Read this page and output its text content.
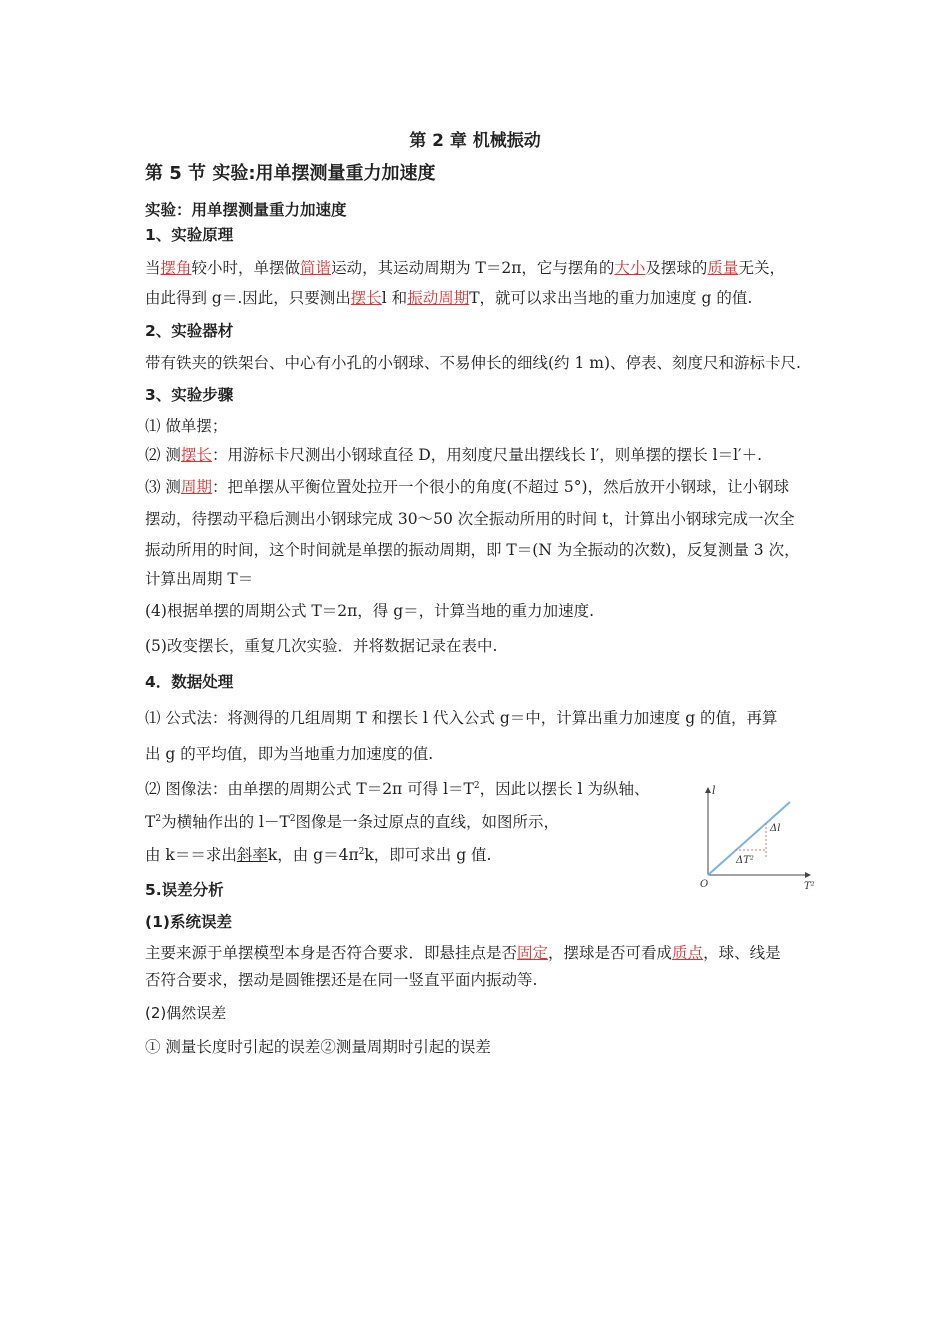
第 2 章 机械振动
第 5 节 实验:用单摆测量重力加速度
实验：用单摆测量重力加速度
1、实验原理
当摆角较小时，单摆做简谐运动，其运动周期为 T＝2π，它与摆角的大小及摆球的质量无关，
由此得到 g＝.因此，只要测出摆长l 和振动周期T，就可以求出当地的重力加速度 g 的值.
2、实验器材
带有铁夹的铁架台、中心有小孔的小钢球、不易伸长的细线(约 1 m)、停表、刻度尺和游标卡尺.
3、实验步骤
⑴ 做单摆；
⑵ 测摆长：用游标卡尺测出小钢球直径 D，用刻度尺量出摆线长 l′，则单摆的摆长 l＝l′＋.
⑶ 测周期：把单摆从平衡位置处拉开一个很小的角度(不超过 5°)，然后放开小钢球，让小钢球
摆动，待摆动平稳后测出小钢球完成 30～50 次全振动所用的时间 t，计算出小钢球完成一次全
振动所用的时间，这个时间就是单摆的振动周期，即 T＝(N 为全振动的次数)，反复测量 3 次，
计算出周期 T＝
(4)根据单摆的周期公式 T＝2π，得 g＝，计算当地的重力加速度.
(5)改变摆长，重复几次实验．并将数据记录在表中.
4．数据处理
⑴ 公式法：将测得的几组周期 T 和摆长 l 代入公式 g＝中，计算出重力加速度 g 的值，再算
出 g 的平均值，即为当地重力加速度的值.
⑵ 图像法：由单摆的周期公式 T＝2π 可得 $l=T^2$，因此以摆长 l 为纵轴、
$T^2$为横轴作出的 $l-T^2$图像是一条过原点的直线，如图所示，
由 k＝＝求出斜率k，由 $g=4\pi^2k$，即可求出 g 值.
l
T²
O
Δl
ΔT²
5.误差分析
(1)系统误差
主要来源于单摆模型本身是否符合要求．即悬挂点是否固定，摆球是否可看成质点，球、线是
否符合要求，摆动是圆锥摆还是在同一竖直平面内振动等.
(2)偶然误差
① 测量长度时引起的误差②测量周期时引起的误差
